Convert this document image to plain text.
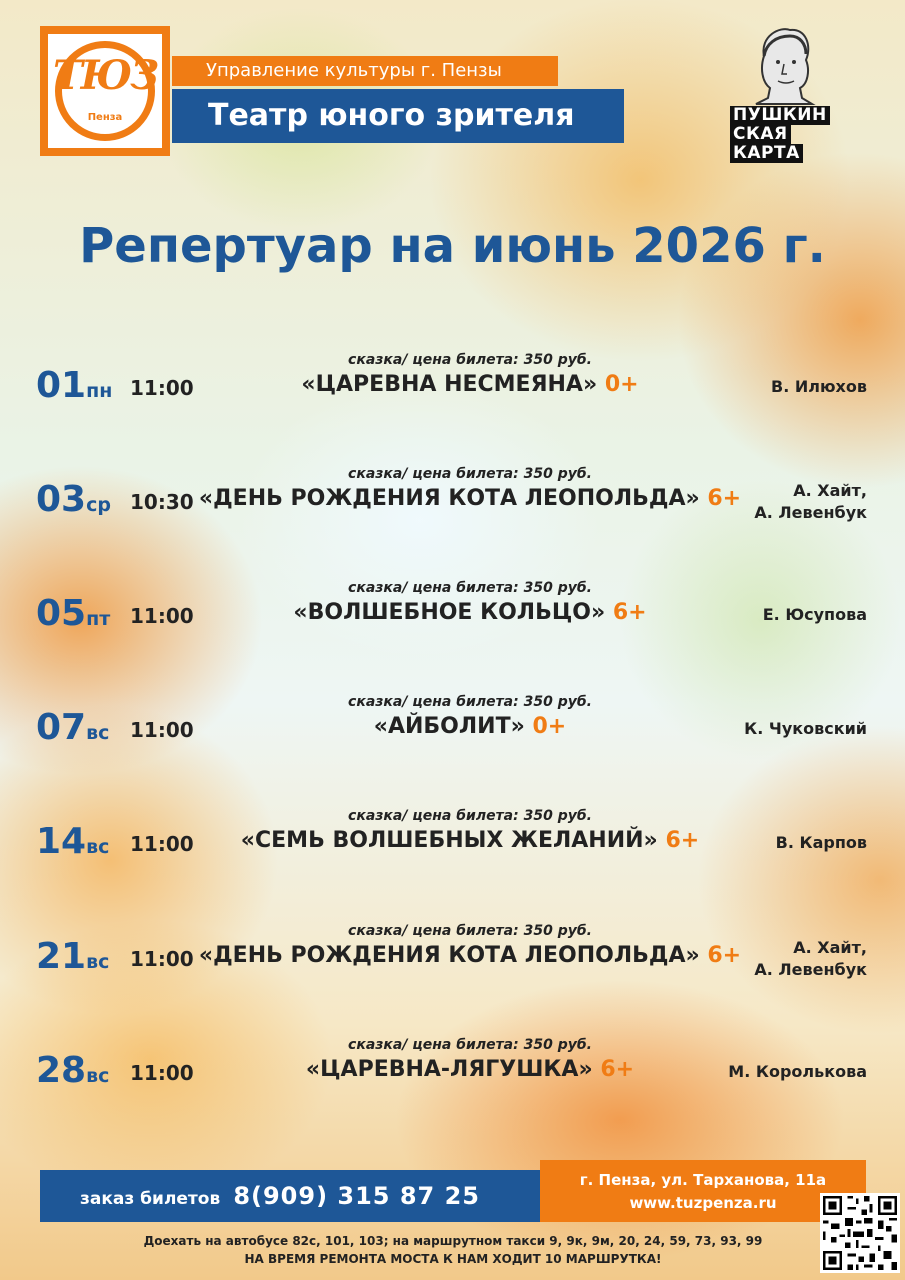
ТЮЗ
Пенза
Управление культуры г. Пензы
Театр юного зрителя	ПУШКИН
СКАЯ
КАРТА
Репертуар на июнь 2026 г.
01пн 11:00
сказка/ цена билета: 350 руб.
«ЦАРЕВНА НЕСМЕЯНА» 0+	В. Илюхов
03ср 10:30
сказка/ цена билета: 350 руб.
«ДЕНЬ РОЖДЕНИЯ КОТА ЛЕОПОЛЬДА» 6+	А. Хайт,
А. Левенбук
05пт 11:00
сказка/ цена билета: 350 руб.
«ВОЛШЕБНОЕ КОЛЬЦО» 6+	Е. Юсупова
07вс 11:00
сказка/ цена билета: 350 руб.
«АЙБОЛИТ» 0+	К. Чуковский
14вс 11:00
сказка/ цена билета: 350 руб.
«СЕМЬ ВОЛШЕБНЫХ ЖЕЛАНИЙ» 6+	В. Карпов
21вс 11:00
сказка/ цена билета: 350 руб.
«ДЕНЬ РОЖДЕНИЯ КОТА ЛЕОПОЛЬДА» 6+	А. Хайт,
А. Левенбук
28вс 11:00
сказка/ цена билета: 350 руб.
«ЦАРЕВНА-ЛЯГУШКА» 6+	М. Королькова
заказ билетов 8(909) 315 87 25
г. Пенза, ул. Тарханова, 11а
www.tuzpenza.ru
Доехать на автобусе 82с, 101, 103; на маршрутном такси 9, 9к, 9м, 20, 24, 59, 73, 93, 99
НА ВРЕМЯ РЕМОНТА МОСТА К НАМ ХОДИТ 10 МАРШРУТКА!
